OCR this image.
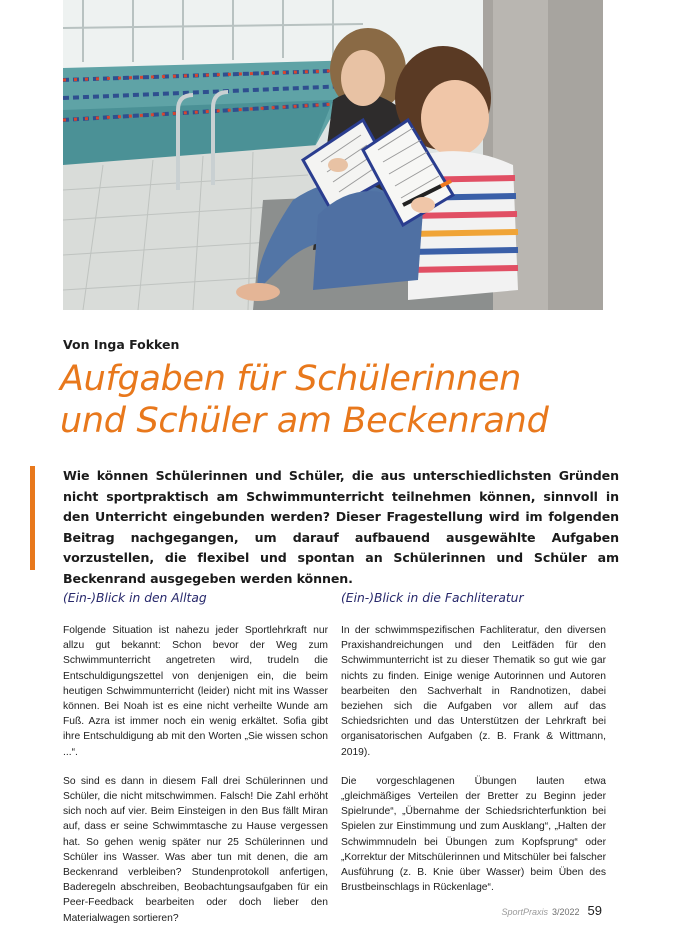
Von Inga Fokken
Aufgaben für Schülerinnen
und Schüler am Beckenrand

Wie können Schülerinnen und Schüler, die aus unterschiedlichsten Gründen nicht sportpraktisch am Schwimmunterricht teilnehmen können, sinnvoll in den Unterricht eingebunden werden? Dieser Fragestellung wird im folgenden Beitrag nachgegangen, um darauf aufbauend ausgewählte Aufgaben vorzustellen, die flexibel und spontan an Schülerinnen und Schüler am Beckenrand ausgegeben werden können.

(Ein-)Blick in den Alltag

Folgende Situation ist nahezu jeder Sportlehrkraft nur allzu gut bekannt: Schon bevor der Weg zum Schwimmunterricht angetreten wird, trudeln die Entschuldigungszettel von denjenigen ein, die beim heutigen Schwimmunterricht (leider) nicht mit ins Wasser können. Bei Noah ist es eine nicht verheilte Wunde am Fuß. Azra ist immer noch ein wenig erkältet. Sofia gibt ihre Entschuldigung ab mit den Worten „Sie wissen schon ...“.

So sind es dann in diesem Fall drei Schülerinnen und Schüler, die nicht mitschwimmen. Falsch! Die Zahl erhöht sich noch auf vier. Beim Einsteigen in den Bus fällt Miran auf, dass er seine Schwimmtasche zu Hause vergessen hat. So gehen wenig später nur 25 Schülerinnen und Schüler ins Wasser. Was aber tun mit denen, die am Beckenrand verbleiben? Stundenprotokoll anfertigen, Baderegeln abschreiben, Beobachtungsaufgaben für ein Peer-Feedback bearbeiten oder doch lieber den Materialwagen sortieren?

(Ein-)Blick in die Fachliteratur

In der schwimmspezifischen Fachliteratur, den diversen Praxishandreichungen und den Leitfäden für den Schwimmunterricht ist zu dieser Thematik so gut wie gar nichts zu finden. Einige wenige Autorinnen und Autoren bearbeiten den Sachverhalt in Randnotizen, dabei beziehen sich die Aufgaben vor allem auf das Schiedsrichten und das Unterstützen der Lehrkraft bei organisatorischen Aufgaben (z. B. Frank & Wittmann, 2019).

Die vorgeschlagenen Übungen lauten etwa „gleichmäßiges Verteilen der Bretter zu Beginn jeder Spielrunde“, „Übernahme der Schiedsrichterfunktion bei Spielen zur Einstimmung und zum Ausklang“, „Halten der Schwimmnudeln bei Übungen zum Kopfsprung“ oder „Korrektur der Mitschülerinnen und Mitschüler bei falscher Ausführung (z. B. Knie über Wasser) beim Üben des Brustbeinschlags in Rückenlage“.

SportPraxis 3/2022 59
